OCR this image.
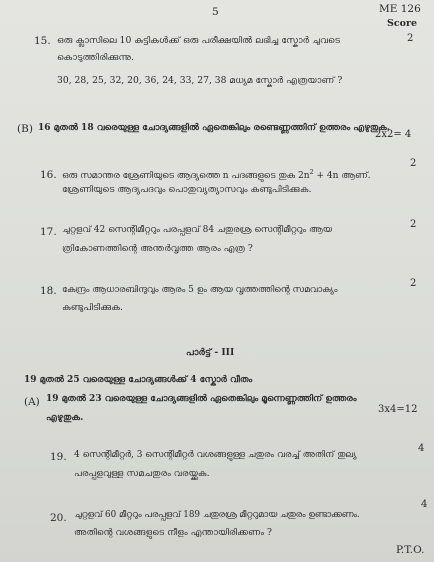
5	ME 126
Score
15. ഒരു ക്ലാസിലെ 10 കുട്ടികൾക്ക് ഒരു പരീക്ഷയിൽ ലഭിച്ച സ്കോർ ചുവടെ
കൊടുത്തിരിക്കുന്നു.
30, 28, 25, 32, 20, 36, 24, 33, 27, 38 മധ്യമ സ്കോർ എത്രയാണ് ?
2
(B) 16 മുതൽ 18 വരെയുള്ള ചോദ്യങ്ങളിൽ ഏതെങ്കിലും രണ്ടെണ്ണത്തിന് ഉത്തരം എഴുതുക.
2x2= 4
16. ഒരു സമാന്തര ശ്രേണിയുടെ ആദ്യത്തെ n പദങ്ങളുടെ തുക $2n^2 + 4n$ ആണ്.
ശ്രേണിയുടെ ആദ്യപദവും പൊതുവ്യത്യാസവും കണ്ടുപിടിക്കുക.
2
17. ചുറ്റളവ് 42 സെന്റിമീറ്ററും പരപ്പളവ് 84 ചതുരശ്ര സെന്റിമീറ്ററും ആയ
ത്രികോണത്തിന്റെ അന്തർവൃത്ത ആരം എത്ര ?
2
18. കേന്ദ്രം ആധാരബിന്ദുവും ആരം 5 ഉം ആയ വൃത്തത്തിന്റെ സമവാക്യം
കണ്ടുപിടിക്കുക.
2
പാർട്ട് - III
19 മുതൽ 25 വരെയുള്ള ചോദ്യങ്ങൾക്ക് 4 സ്കോർ വീതം
(A) 19 മുതൽ 23 വരെയുള്ള ചോദ്യങ്ങളിൽ ഏതെങ്കിലും മൂന്നെണ്ണത്തിന് ഉത്തരം
എഴുതുക.
3x4=12
19. 4 സെന്റിമീറ്റർ, 3 സെന്റിമീറ്റർ വശങ്ങളുള്ള ചതുരം വരച്ച് അതിന് തുല്യ
പരപ്പളവുള്ള സമചതുരം വരയ്ക്കുക.
4
20. ചുറ്റളവ് 60 മീറ്ററും പരപ്പളവ് 189 ചതുരശ്ര മീറ്ററുമായ ചതുരം ഉണ്ടാക്കണം.
അതിന്റെ വശങ്ങളുടെ നീളം എന്തായിരിക്കണം ?
4
P.T.O.
